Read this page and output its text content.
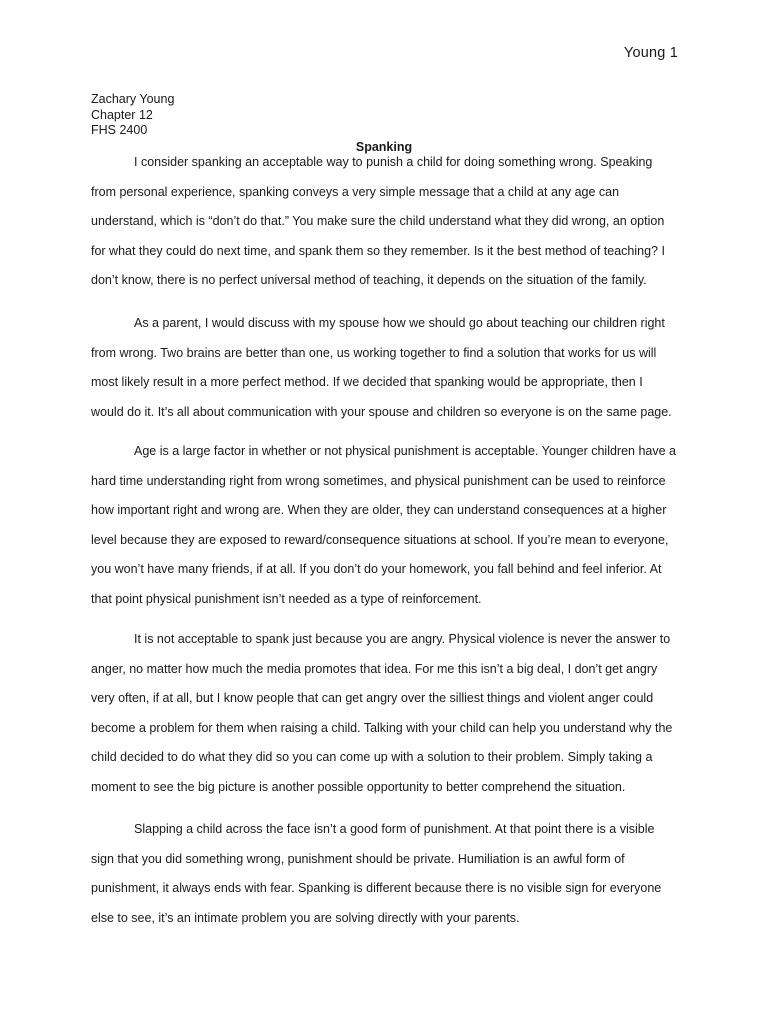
Young 1
Zachary Young
Chapter 12
FHS 2400
Spanking

I consider spanking an acceptable way to punish a child for doing something wrong. Speaking from personal experience, spanking conveys a very simple message that a child at any age can understand, which is “don’t do that.” You make sure the child understand what they did wrong, an option for what they could do next time, and spank them so they remember. Is it the best method of teaching? I don’t know, there is no perfect universal method of teaching, it depends on the situation of the family.

As a parent, I would discuss with my spouse how we should go about teaching our children right from wrong. Two brains are better than one, us working together to find a solution that works for us will most likely result in a more perfect method. If we decided that spanking would be appropriate, then I would do it. It’s all about communication with your spouse and children so everyone is on the same page.

Age is a large factor in whether or not physical punishment is acceptable. Younger children have a hard time understanding right from wrong sometimes, and physical punishment can be used to reinforce how important right and wrong are. When they are older, they can understand consequences at a higher level because they are exposed to reward/consequence situations at school. If you’re mean to everyone, you won’t have many friends, if at all. If you don’t do your homework, you fall behind and feel inferior. At that point physical punishment isn’t needed as a type of reinforcement.

It is not acceptable to spank just because you are angry. Physical violence is never the answer to anger, no matter how much the media promotes that idea. For me this isn’t a big deal, I don’t get angry very often, if at all, but I know people that can get angry over the silliest things and violent anger could become a problem for them when raising a child. Talking with your child can help you understand why the child decided to do what they did so you can come up with a solution to their problem. Simply taking a moment to see the big picture is another possible opportunity to better comprehend the situation.

Slapping a child across the face isn’t a good form of punishment. At that point there is a visible sign that you did something wrong, punishment should be private. Humiliation is an awful form of punishment, it always ends with fear. Spanking is different because there is no visible sign for everyone else to see, it’s an intimate problem you are solving directly with your parents.
